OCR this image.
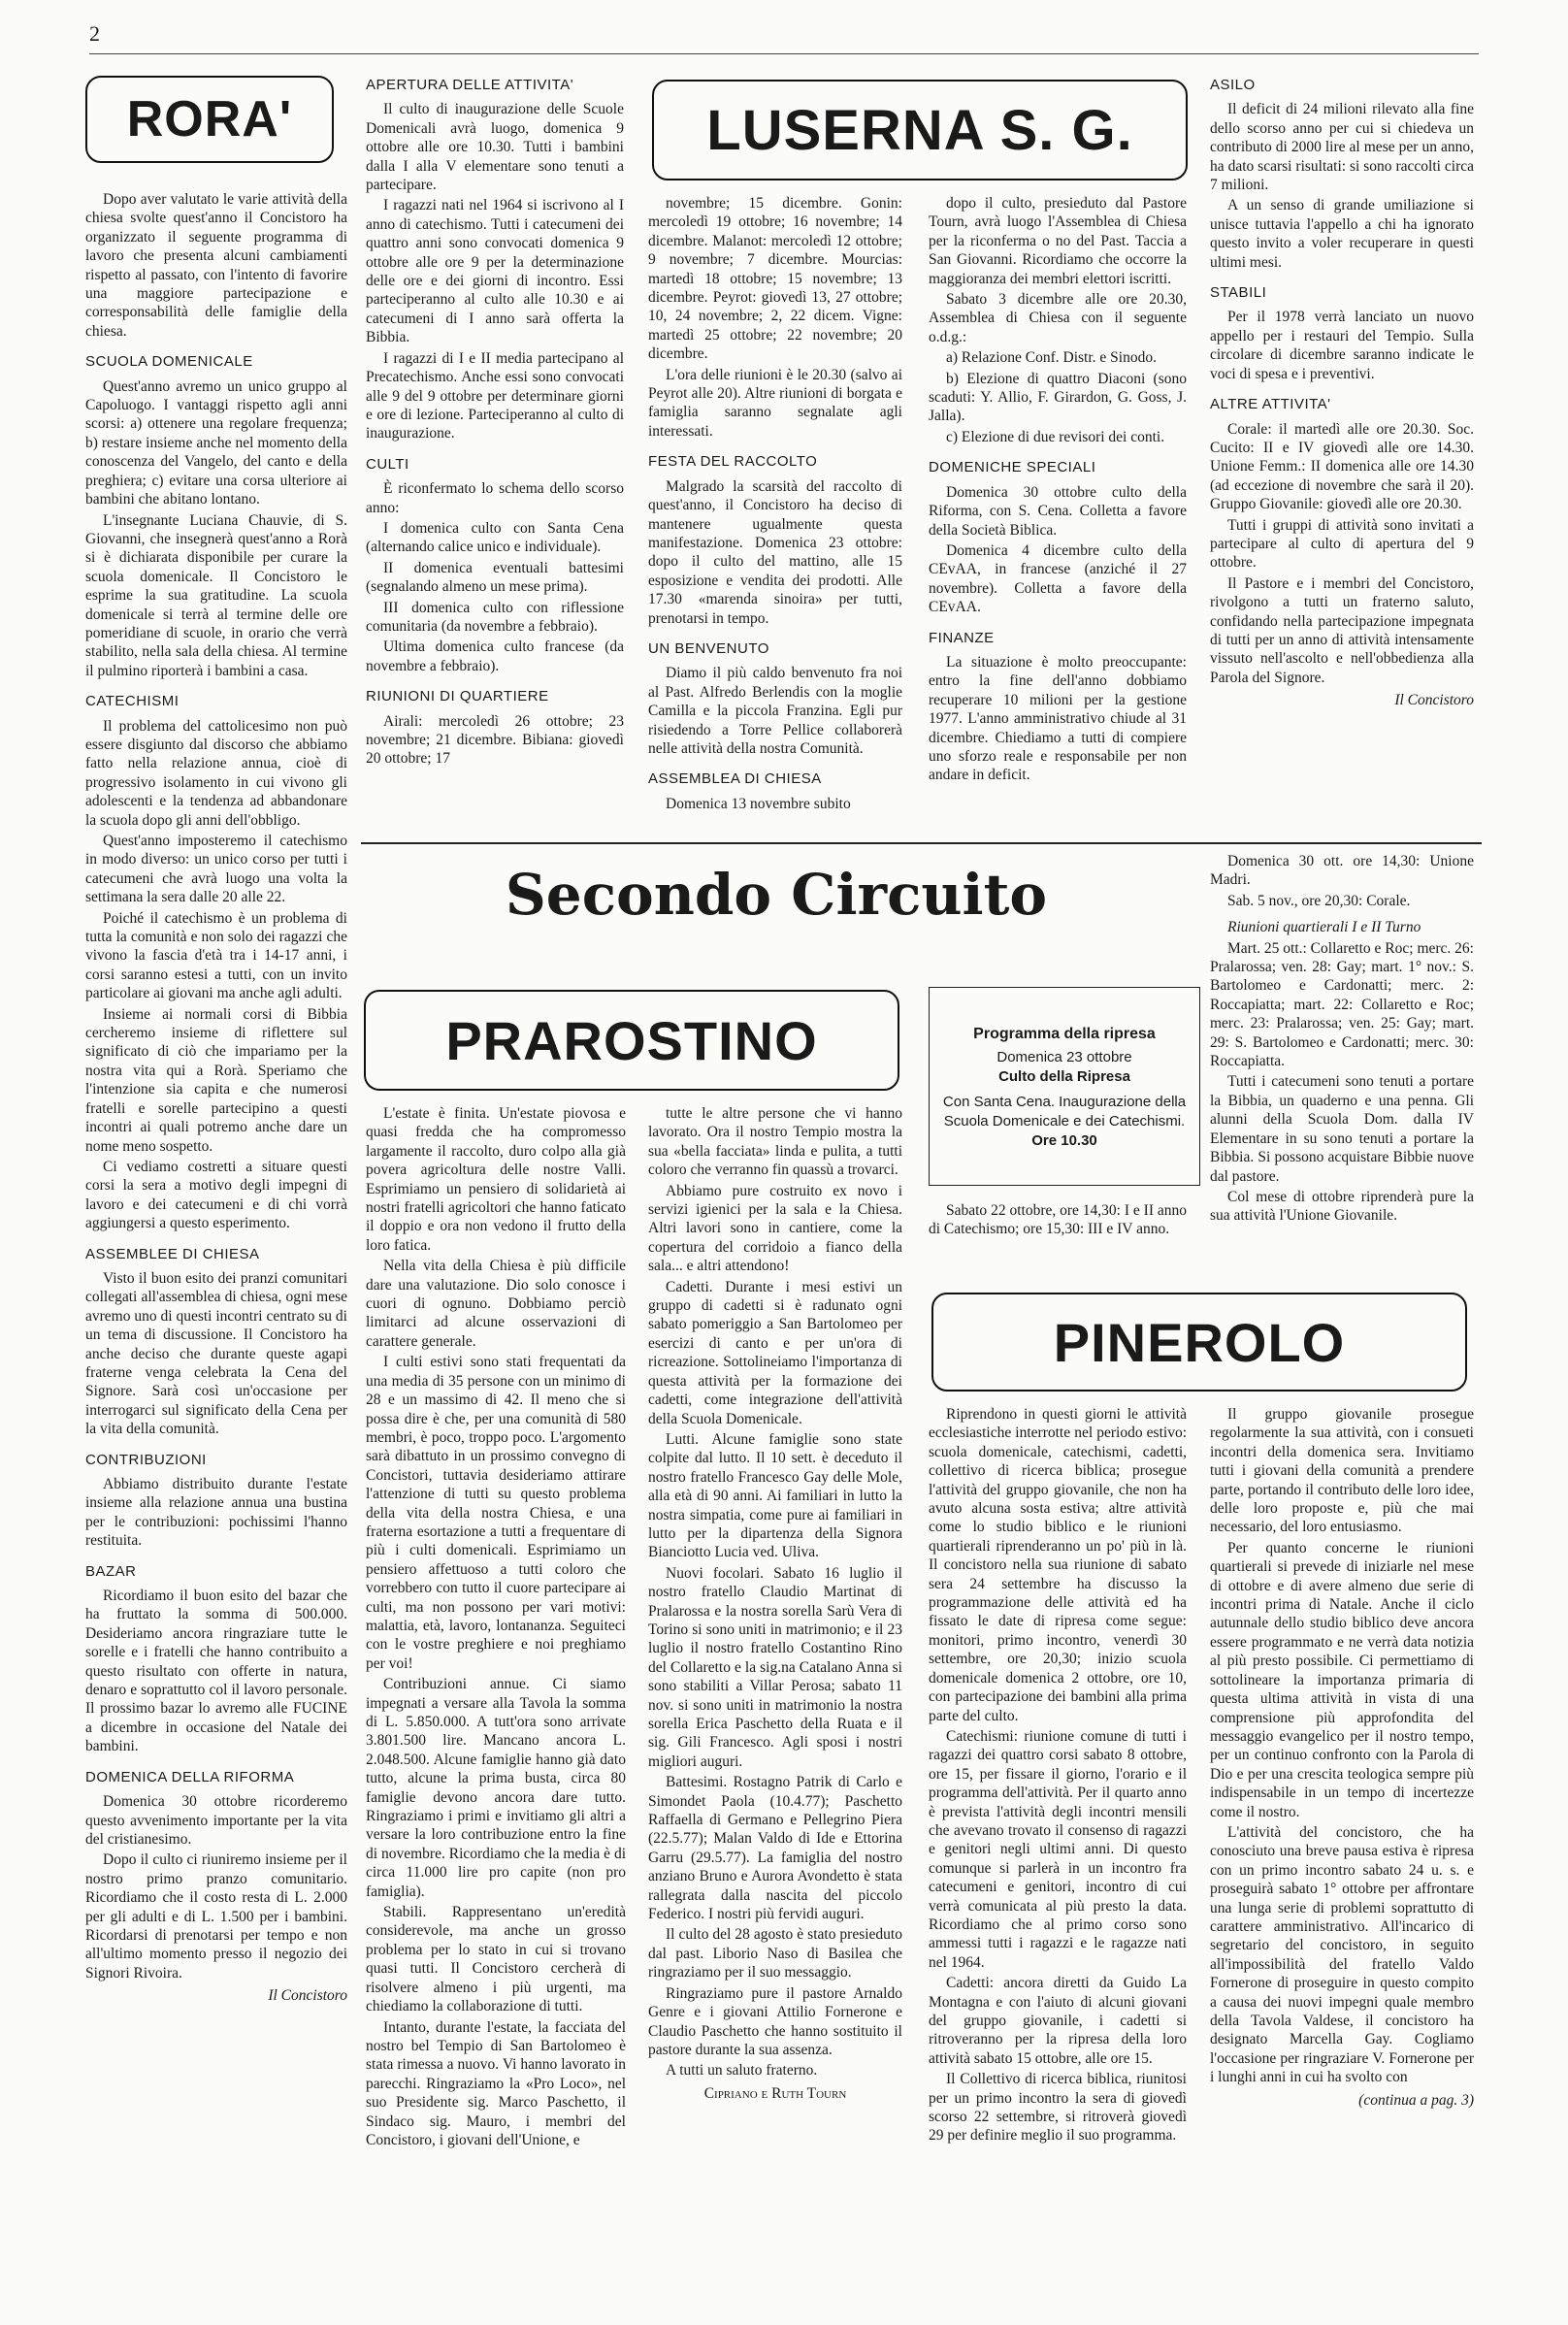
2
RORA'

Dopo aver valutato le varie attività della chiesa svolte quest'anno il Concistoro ha organizzato il seguente programma di lavoro che presenta alcuni cambiamenti rispetto al passato, con l'intento di favorire una maggiore partecipazione e corresponsabilità delle famiglie della chiesa.

SCUOLA DOMENICALE

Quest'anno avremo un unico gruppo al Capoluogo. I vantaggi rispetto agli anni scorsi: a) ottenere una regolare frequenza; b) restare insieme anche nel momento della conoscenza del Vangelo, del canto e della preghiera; c) evitare una corsa ulteriore ai bambini che abitano lontano.

L'insegnante Luciana Chauvie, di S. Giovanni, che insegnerà quest'anno a Rorà si è dichiarata disponibile per curare la scuola domenicale. Il Concistoro le esprime la sua gratitudine. La scuola domenicale si terrà al termine delle ore pomeridiane di scuole, in orario che verrà stabilito, nella sala della chiesa. Al termine il pulmino riporterà i bambini a casa.

CATECHISMI

Il problema del cattolicesimo non può essere disgiunto dal discorso che abbiamo fatto nella relazione annua, cioè di progressivo isolamento in cui vivono gli adolescenti e la tendenza ad abbandonare la scuola dopo gli anni dell'obbligo.

Quest'anno imposteremo il catechismo in modo diverso: un unico corso per tutti i catecumeni che avrà luogo una volta la settimana la sera dalle 20 alle 22.

Poiché il catechismo è un problema di tutta la comunità e non solo dei ragazzi che vivono la fascia d'età tra i 14-17 anni, i corsi saranno estesi a tutti, con un invito particolare ai giovani ma anche agli adulti.

Insieme ai normali corsi di Bibbia cercheremo insieme di riflettere sul significato di ciò che impariamo per la nostra vita qui a Rorà. Speriamo che l'intenzione sia capita e che numerosi fratelli e sorelle partecipino a questi incontri ai quali potremo anche dare un nome meno sospetto.

Ci vediamo costretti a situare questi corsi la sera a motivo degli impegni di lavoro e dei catecumeni e di chi vorrà aggiungersi a questo esperimento.

ASSEMBLEE DI CHIESA

Visto il buon esito dei pranzi comunitari collegati all'assemblea di chiesa, ogni mese avremo uno di questi incontri centrato su di un tema di discussione. Il Concistoro ha anche deciso che durante queste agapi fraterne venga celebrata la Cena del Signore. Sarà così un'occasione per interrogarci sul significato della Cena per la vita della comunità.

CONTRIBUZIONI

Abbiamo distribuito durante l'estate insieme alla relazione annua una bustina per le contribuzioni: pochissimi l'hanno restituita.

BAZAR

Ricordiamo il buon esito del bazar che ha fruttato la somma di 500.000. Desideriamo ancora ringraziare tutte le sorelle e i fratelli che hanno contribuito a questo risultato con offerte in natura, denaro e soprattutto col il lavoro personale. Il prossimo bazar lo avremo alle FUCINE a dicembre in occasione del Natale dei bambini.

DOMENICA DELLA RIFORMA

Domenica 30 ottobre ricorderemo questo avvenimento importante per la vita del cristianesimo.

Dopo il culto ci riuniremo insieme per il nostro primo pranzo comunitario. Ricordiamo che il costo resta di L. 2.000 per gli adulti e di L. 1.500 per i bambini. Ricordarsi di prenotarsi per tempo e non all'ultimo momento presso il negozio dei Signori Rivoira.

Il Concistoro
APERTURA DELLE ATTIVITA'

Il culto di inaugurazione delle Scuole Domenicali avrà luogo, domenica 9 ottobre alle ore 10.30. Tutti i bambini dalla I alla V elementare sono tenuti a partecipare.

I ragazzi nati nel 1964 si iscrivono al I anno di catechismo. Tutti i catecumeni dei quattro anni sono convocati domenica 9 ottobre alle ore 9 per la determinazione delle ore e dei giorni di incontro. Essi parteciperanno al culto alle 10.30 e ai catecumeni di I anno sarà offerta la Bibbia.

I ragazzi di I e II media partecipano al Precatechismo. Anche essi sono convocati alle 9 del 9 ottobre per determinare giorni e ore di lezione. Parteciperanno al culto di inaugurazione.

CULTI

È riconfermato lo schema dello scorso anno:

I domenica culto con Santa Cena (alternando calice unico e individuale).

II domenica eventuali battesimi (segnalando almeno un mese prima).

III domenica culto con riflessione comunitaria (da novembre a febbraio).

Ultima domenica culto francese (da novembre a febbraio).

RIUNIONI DI QUARTIERE

Airali: mercoledì 26 ottobre; 23 novembre; 21 dicembre. Bibiana: giovedì 20 ottobre; 17

LUSERNA S. G.

novembre; 15 dicembre. Gonin: mercoledì 19 ottobre; 16 novembre; 14 dicembre. Malanot: mercoledì 12 ottobre; 9 novembre; 7 dicembre. Mourcias: martedì 18 ottobre; 15 novembre; 13 dicembre. Peyrot: giovedì 13, 27 ottobre; 10, 24 novembre; 2, 22 dicem. Vigne: martedì 25 ottobre; 22 novembre; 20 dicembre.

L'ora delle riunioni è le 20.30 (salvo ai Peyrot alle 20). Altre riunioni di borgata e famiglia saranno segnalate agli interessati.

FESTA DEL RACCOLTO

Malgrado la scarsità del raccolto di quest'anno, il Concistoro ha deciso di mantenere ugualmente questa manifestazione. Domenica 23 ottobre: dopo il culto del mattino, alle 15 esposizione e vendita dei prodotti. Alle 17.30 «marenda sinoira» per tutti, prenotarsi in tempo.

UN BENVENUTO

Diamo il più caldo benvenuto fra noi al Past. Alfredo Berlendis con la moglie Camilla e la piccola Franzina. Egli pur risiedendo a Torre Pellice collaborerà nelle attività della nostra Comunità.

ASSEMBLEA DI CHIESA

Domenica 13 novembre subito

dopo il culto, presieduto dal Pastore Tourn, avrà luogo l'Assemblea di Chiesa per la riconferma o no del Past. Taccia a San Giovanni. Ricordiamo che occorre la maggioranza dei membri elettori iscritti.

Sabato 3 dicembre alle ore 20.30, Assemblea di Chiesa con il seguente o.d.g.:

a) Relazione Conf. Distr. e Sinodo.

b) Elezione di quattro Diaconi (sono scaduti: Y. Allio, F. Girardon, G. Goss, J. Jalla).

c) Elezione di due revisori dei conti.

DOMENICHE SPECIALI

Domenica 30 ottobre culto della Riforma, con S. Cena. Colletta a favore della Società Biblica.

Domenica 4 dicembre culto della CEvAA, in francese (anziché il 27 novembre). Colletta a favore della CEvAA.

FINANZE

La situazione è molto preoccupante: entro la fine dell'anno dobbiamo recuperare 10 milioni per la gestione 1977. L'anno amministrativo chiude al 31 dicembre. Chiediamo a tutti di compiere uno sforzo reale e responsabile per non andare in deficit.

ASILO

Il deficit di 24 milioni rilevato alla fine dello scorso anno per cui si chiedeva un contributo di 2000 lire al mese per un anno, ha dato scarsi risultati: si sono raccolti circa 7 milioni.

A un senso di grande umiliazione si unisce tuttavia l'appello a chi ha ignorato questo invito a voler recuperare in questi ultimi mesi.

STABILI

Per il 1978 verrà lanciato un nuovo appello per i restauri del Tempio. Sulla circolare di dicembre saranno indicate le voci di spesa e i preventivi.

ALTRE ATTIVITA'

Corale: il martedì alle ore 20.30. Soc. Cucito: II e IV giovedì alle ore 14.30. Unione Femm.: II domenica alle ore 14.30 (ad eccezione di novembre che sarà il 20). Gruppo Giovanile: giovedì alle ore 20.30.

Tutti i gruppi di attività sono invitati a partecipare al culto di apertura del 9 ottobre.

Il Pastore e i membri del Concistoro, rivolgono a tutti un fraterno saluto, confidando nella partecipazione impegnata di tutti per un anno di attività intensamente vissuto nell'ascolto e nell'obbedienza alla Parola del Signore.

Il Concistoro
Secondo Circuito
PRAROSTINO

L'estate è finita. Un'estate piovosa e quasi fredda che ha compromesso largamente il raccolto, duro colpo alla già povera agricoltura delle nostre Valli. Esprimiamo un pensiero di solidarietà ai nostri fratelli agricoltori che hanno faticato il doppio e ora non vedono il frutto della loro fatica.

Nella vita della Chiesa è più difficile dare una valutazione. Dio solo conosce i cuori di ognuno. Dobbiamo perciò limitarci ad alcune osservazioni di carattere generale.

I culti estivi sono stati frequentati da una media di 35 persone con un minimo di 28 e un massimo di 42. Il meno che si possa dire è che, per una comunità di 580 membri, è poco, troppo poco. L'argomento sarà dibattuto in un prossimo convegno di Concistori, tuttavia desideriamo attirare l'attenzione di tutti su questo problema della vita della nostra Chiesa, e una fraterna esortazione a tutti a frequentare di più i culti domenicali. Esprimiamo un pensiero affettuoso a tutti coloro che vorrebbero con tutto il cuore partecipare ai culti, ma non possono per vari motivi: malattia, età, lavoro, lontananza. Seguiteci con le vostre preghiere e noi preghiamo per voi!

Contribuzioni annue. Ci siamo impegnati a versare alla Tavola la somma di L. 5.850.000. A tutt'ora sono arrivate 3.801.500 lire. Mancano ancora L. 2.048.500. Alcune famiglie hanno già dato tutto, alcune la prima busta, circa 80 famiglie devono ancora dare tutto. Ringraziamo i primi e invitiamo gli altri a versare la loro contribuzione entro la fine di novembre. Ricordiamo che la media è di circa 11.000 lire pro capite (non pro famiglia).

Stabili. Rappresentano un'eredità considerevole, ma anche un grosso problema per lo stato in cui si trovano quasi tutti. Il Concistoro cercherà di risolvere almeno i più urgenti, ma chiediamo la collaborazione di tutti.

Intanto, durante l'estate, la facciata del nostro bel Tempio di San Bartolomeo è stata rimessa a nuovo. Vi hanno lavorato in parecchi. Ringraziamo la «Pro Loco», nel suo Presidente sig. Marco Paschetto, il Sindaco sig. Mauro, i membri del Concistoro, i giovani dell'Unione, e

tutte le altre persone che vi hanno lavorato. Ora il nostro Tempio mostra la sua «bella facciata» linda e pulita, a tutti coloro che verranno fin quassù a trovarci.

Abbiamo pure costruito ex novo i servizi igienici per la sala e la Chiesa. Altri lavori sono in cantiere, come la copertura del corridoio a fianco della sala... e altri attendono!

Cadetti. Durante i mesi estivi un gruppo di cadetti si è radunato ogni sabato pomeriggio a San Bartolomeo per esercizi di canto e per un'ora di ricreazione. Sottolineiamo l'importanza di questa attività per la formazione dei cadetti, come integrazione dell'attività della Scuola Domenicale.

Lutti. Alcune famiglie sono state colpite dal lutto. Il 10 sett. è deceduto il nostro fratello Francesco Gay delle Mole, alla età di 90 anni. Ai familiari in lutto la nostra simpatia, come pure ai familiari in lutto per la dipartenza della Signora Bianciotto Lucia ved. Uliva.

Nuovi focolari. Sabato 16 luglio il nostro fratello Claudio Martinat di Pralarossa e la nostra sorella Sarù Vera di Torino si sono uniti in matrimonio; e il 23 luglio il nostro fratello Costantino Rino del Collaretto e la sig.na Catalano Anna si sono stabiliti a Villar Perosa; sabato 11 nov. si sono uniti in matrimonio la nostra sorella Erica Paschetto della Ruata e il sig. Gili Francesco. Agli sposi i nostri migliori auguri.

Battesimi. Rostagno Patrik di Carlo e Simondet Paola (10.4.77); Paschetto Raffaella di Germano e Pellegrino Piera (22.5.77); Malan Valdo di Ide e Ettorina Garru (29.5.77). La famiglia del nostro anziano Bruno e Aurora Avondetto è stata rallegrata dalla nascita del piccolo Federico. I nostri più fervidi auguri.

Il culto del 28 agosto è stato presieduto dal past. Liborio Naso di Basilea che ringraziamo per il suo messaggio.

Ringraziamo pure il pastore Arnaldo Genre e i giovani Attilio Fornerone e Claudio Paschetto che hanno sostituito il pastore durante la sua assenza.

A tutti un saluto fraterno.

Cipriano e Ruth Tourn
Programma della ripresa
Domenica 23 ottobre
Culto della Ripresa
Con Santa Cena. Inaugurazione della Scuola Domenicale e dei Catechismi.
Ore 10.30

Sabato 22 ottobre, ore 14,30: I e II anno di Catechismo; ore 15,30: III e IV anno.

Domenica 30 ott. ore 14,30: Unione Madri.

Sab. 5 nov., ore 20,30: Corale.

Riunioni quartierali I e II Turno

Mart. 25 ott.: Collaretto e Roc; merc. 26: Pralarossa; ven. 28: Gay; mart. 1° nov.: S. Bartolomeo e Cardonatti; merc. 2: Roccapiatta; mart. 22: Collaretto e Roc; merc. 23: Pralarossa; ven. 25: Gay; mart. 29: S. Bartolomeo e Cardonatti; merc. 30: Roccapiatta.

Tutti i catecumeni sono tenuti a portare la Bibbia, un quaderno e una penna. Gli alunni della Scuola Dom. dalla IV Elementare in su sono tenuti a portare la Bibbia. Si possono acquistare Bibbie nuove dal pastore.

Col mese di ottobre riprenderà pure la sua attività l'Unione Giovanile.

PINEROLO

Riprendono in questi giorni le attività ecclesiastiche interrotte nel periodo estivo: scuola domenicale, catechismi, cadetti, collettivo di ricerca biblica; prosegue l'attività del gruppo giovanile, che non ha avuto alcuna sosta estiva; altre attività come lo studio biblico e le riunioni quartierali riprenderanno un po' più in là. Il concistoro nella sua riunione di sabato sera 24 settembre ha discusso la programmazione delle attività ed ha fissato le date di ripresa come segue: monitori, primo incontro, venerdì 30 settembre, ore 20,30; inizio scuola domenicale domenica 2 ottobre, ore 10, con partecipazione dei bambini alla prima parte del culto.

Catechismi: riunione comune di tutti i ragazzi dei quattro corsi sabato 8 ottobre, ore 15, per fissare il giorno, l'orario e il programma dell'attività. Per il quarto anno è prevista l'attività degli incontri mensili che avevano trovato il consenso di ragazzi e genitori negli ultimi anni. Di questo comunque si parlerà in un incontro fra catecumeni e genitori, incontro di cui verrà comunicata al più presto la data. Ricordiamo che al primo corso sono ammessi tutti i ragazzi e le ragazze nati nel 1964.

Cadetti: ancora diretti da Guido La Montagna e con l'aiuto di alcuni giovani del gruppo giovanile, i cadetti si ritroveranno per la ripresa della loro attività sabato 15 ottobre, alle ore 15.

Il Collettivo di ricerca biblica, riunitosi per un primo incontro la sera di giovedì scorso 22 settembre, si ritroverà giovedì 29 per definire meglio il suo programma.

Il gruppo giovanile prosegue regolarmente la sua attività, con i consueti incontri della domenica sera. Invitiamo tutti i giovani della comunità a prendere parte, portando il contributo delle loro idee, delle loro proposte e, più che mai necessario, del loro entusiasmo.

Per quanto concerne le riunioni quartierali si prevede di iniziarle nel mese di ottobre e di avere almeno due serie di incontri prima di Natale. Anche il ciclo autunnale dello studio biblico deve ancora essere programmato e ne verrà data notizia al più presto possibile. Ci permettiamo di sottolineare la importanza primaria di questa ultima attività in vista di una comprensione più approfondita del messaggio evangelico per il nostro tempo, per un continuo confronto con la Parola di Dio e per una crescita teologica sempre più indispensabile in un tempo di incertezze come il nostro.

L'attività del concistoro, che ha conosciuto una breve pausa estiva è ripresa con un primo incontro sabato 24 u. s. e proseguirà sabato 1° ottobre per affrontare una lunga serie di problemi soprattutto di carattere amministrativo. All'incarico di segretario del concistoro, in seguito all'impossibilità del fratello Valdo Fornerone di proseguire in questo compito a causa dei nuovi impegni quale membro della Tavola Valdese, il concistoro ha designato Marcella Gay. Cogliamo l'occasione per ringraziare V. Fornerone per i lunghi anni in cui ha svolto con

(continua a pag. 3)
